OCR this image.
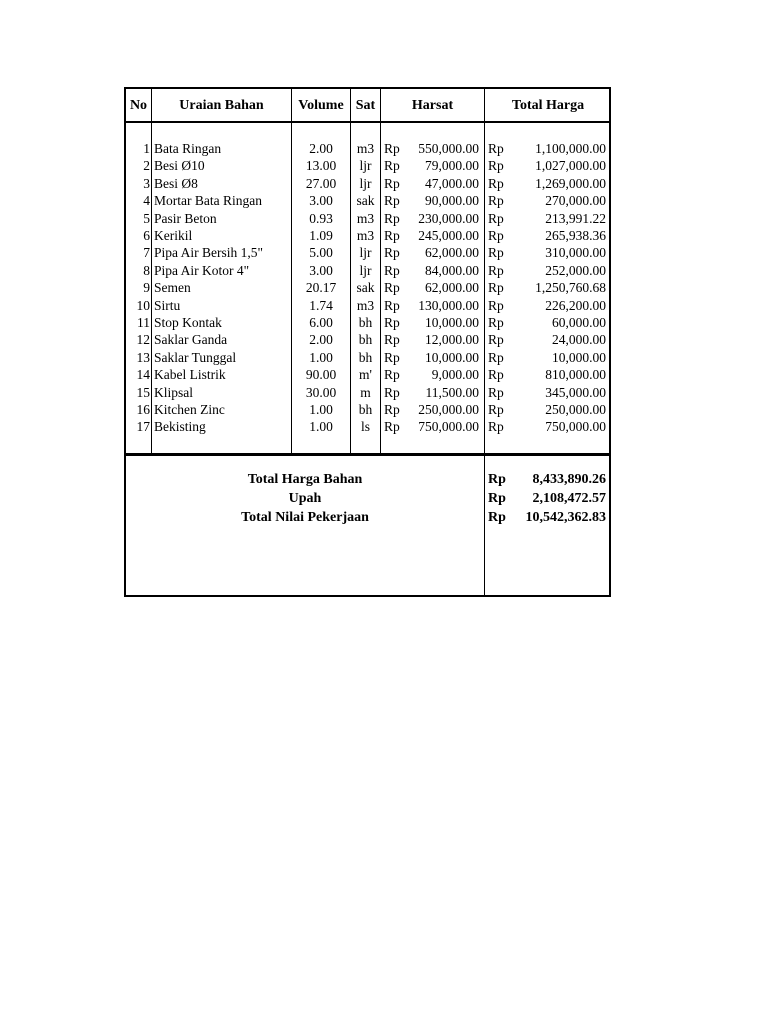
No	Uraian Bahan	Volume Sat	Harsat	Total Harga
1 Bata Ringan	2.00	m3 Rp	550,000.00 Rp	1,100,000.00
2 Besi Ø10	13.00	ljr Rp	79,000.00 Rp	1,027,000.00
3 Besi Ø8	27.00	ljr Rp	47,000.00 Rp	1,269,000.00
4 Mortar Bata Ringan	3.00	sak Rp	90,000.00 Rp	270,000.00
5 Pasir Beton	0.93	m3 Rp	230,000.00 Rp	213,991.22
6 Kerikil	1.09	m3 Rp	245,000.00 Rp	265,938.36
7 Pipa Air Bersih 1,5"	5.00	ljr Rp	62,000.00 Rp	310,000.00
8 Pipa Air Kotor 4"	3.00	ljr Rp	84,000.00 Rp	252,000.00
9 Semen	20.17	sak Rp	62,000.00 Rp	1,250,760.68
10 Sirtu	1.74	m3 Rp	130,000.00 Rp	226,200.00
11 Stop Kontak	6.00	bh Rp	10,000.00 Rp	60,000.00
12 Saklar Ganda	2.00	bh Rp	12,000.00 Rp	24,000.00
13 Saklar Tunggal	1.00	bh Rp	10,000.00 Rp	10,000.00
14 Kabel Listrik	90.00	m' Rp	9,000.00 Rp	810,000.00
15 Klipsal	30.00	m Rp	11,500.00 Rp	345,000.00
16 Kitchen Zinc	1.00	bh Rp	250,000.00 Rp	250,000.00
17 Bekisting	1.00	ls	Rp	750,000.00 Rp	750,000.00
Total Harga Bahan	Rp	8,433,890.26
Upah	Rp	2,108,472.57
Total Nilai Pekerjaan	Rp	10,542,362.83
